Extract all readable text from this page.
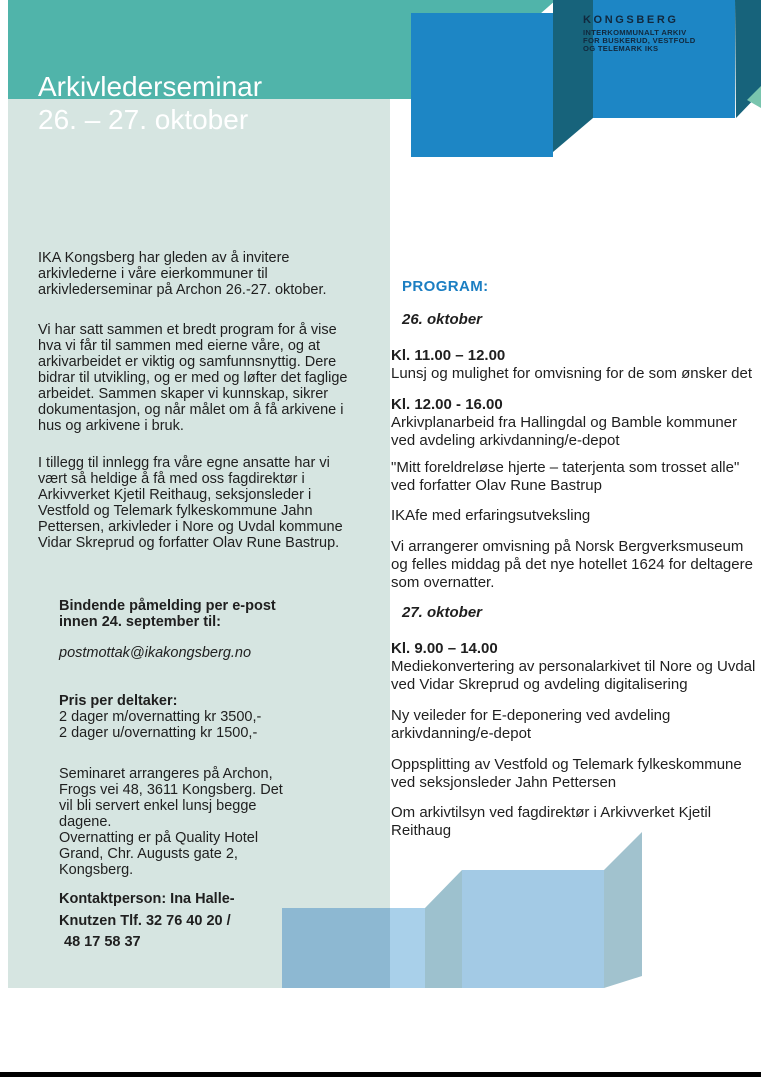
Arkivlederseminar
26. – 27. oktober
KONGSBERG
INTERKOMMUNALT ARKIV
FOR BUSKERUD, VESTFOLD
OG TELEMARK IKS
IKA Kongsberg har gleden av å invitere
arkivlederne i våre eierkommuner til
arkivlederseminar på Archon 26.-27. oktober.
Vi har satt sammen et bredt program for å vise
hva vi får til sammen med eierne våre, og at
arkivarbeidet er viktig og samfunnsnyttig. Dere
bidrar til utvikling, og er med og løfter det faglige
arbeidet. Sammen skaper vi kunnskap, sikrer
dokumentasjon, og når målet om å få arkivene i
hus og arkivene i bruk.
I tillegg til innlegg fra våre egne ansatte har vi
vært så heldige å få med oss fagdirektør i
Arkivverket Kjetil Reithaug, seksjonsleder i
Vestfold og Telemark fylkeskommune Jahn
Pettersen, arkivleder i Nore og Uvdal kommune
Vidar Skreprud og forfatter Olav Rune Bastrup.
Bindende påmelding per e-post
innen 24. september til:
postmottak@ikakongsberg.no
Pris per deltaker:
2 dager m/overnatting kr 3500,-
2 dager u/overnatting kr 1500,-
Seminaret arrangeres på Archon,
Frogs vei 48, 3611 Kongsberg. Det
vil bli servert enkel lunsj begge
dagene.
Overnatting er på Quality Hotel
Grand, Chr. Augusts gate 2,
Kongsberg.
Kontaktperson: Ina Halle-
Knutzen Tlf. 32 76 40 20 /
48 17 58 37
PROGRAM:
26. oktober
Kl. 11.00 – 12.00
Lunsj og mulighet for omvisning for de som ønsker det
Kl. 12.00 - 16.00
Arkivplanarbeid fra Hallingdal og Bamble kommuner
ved avdeling arkivdanning/e-depot
"Mitt foreldreløse hjerte – taterjenta som trosset alle"
ved forfatter Olav Rune Bastrup
IKAfe med erfaringsutveksling
Vi arrangerer omvisning på Norsk Bergverksmuseum
og felles middag på det nye hotellet 1624 for deltagere
som overnatter.
27. oktober
Kl. 9.00 – 14.00
Mediekonvertering av personalarkivet til Nore og Uvdal
ved Vidar Skreprud og avdeling digitalisering
Ny veileder for E-deponering ved avdeling
arkivdanning/e-depot
Oppsplitting av Vestfold og Telemark fylkeskommune
ved seksjonsleder Jahn Pettersen
Om arkivtilsyn ved fagdirektør i Arkivverket Kjetil
Reithaug
